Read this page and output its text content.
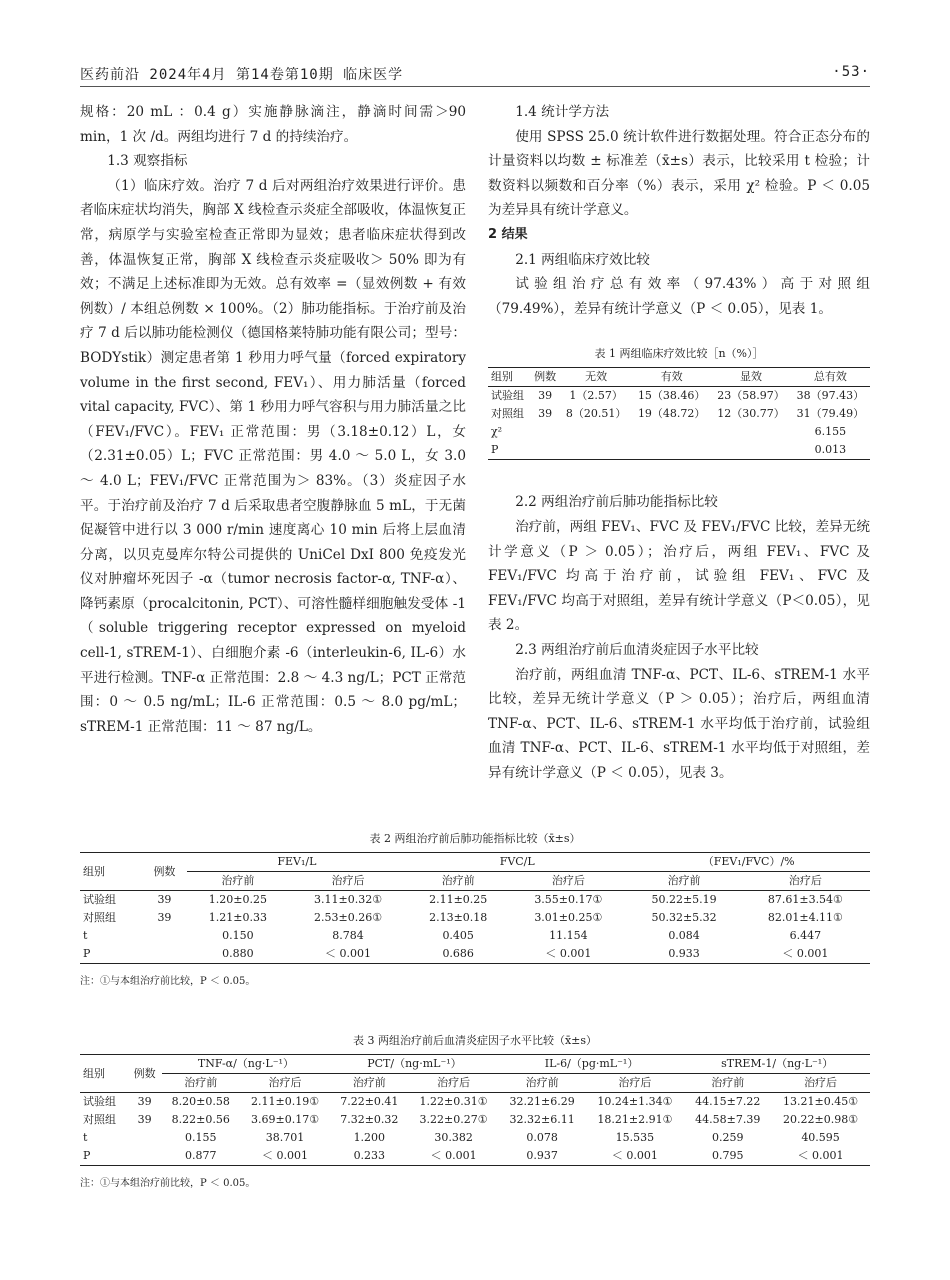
医药前沿 2024年4月 第14卷第10期 临床医学	·53·

规格：20 mL ：0.4 g）实施静脉滴注，静滴时间需＞90 min，1 次 /d。两组均进行 7 d 的持续治疗。

1.3 观察指标

（1）临床疗效。治疗 7 d 后对两组治疗效果进行评价。患者临床症状均消失，胸部 X 线检查示炎症全部吸收，体温恢复正常，病原学与实验室检查正常即为显效；患者临床症状得到改善，体温恢复正常，胸部 X 线检查示炎症吸收＞ 50% 即为有效；不满足上述标准即为无效。总有效率 =（显效例数 + 有效例数）/ 本组总例数 × 100%。（2）肺功能指标。于治疗前及治疗 7 d 后以肺功能检测仪（德国格莱特肺功能有限公司；型号：BODYstik）测定患者第 1 秒用力呼气量（forced expiratory volume in the first second, FEV₁）、用力肺活量（forced vital capacity, FVC）、第 1 秒用力呼气容积与用力肺活量之比（FEV₁/FVC）。FEV₁ 正常范围：男（3.18±0.12）L，女（2.31±0.05）L；FVC 正常范围：男 4.0 ～ 5.0 L，女 3.0 ～ 4.0 L；FEV₁/FVC 正常范围为＞ 83%。（3）炎症因子水平。于治疗前及治疗 7 d 后采取患者空腹静脉血 5 mL，于无菌促凝管中进行以 3 000 r/min 速度离心 10 min 后将上层血清分离，以贝克曼库尔特公司提供的 UniCel DxI 800 免疫发光仪对肿瘤坏死因子 -α（tumor necrosis factor-α, TNF-α）、降钙素原（procalcitonin, PCT）、可溶性髓样细胞触发受体 -1（soluble triggering receptor expressed on myeloid cell-1, sTREM-1）、白细胞介素 -6（interleukin-6, IL-6）水平进行检测。TNF-α 正常范围：2.8 ～ 4.3 ng/L；PCT 正常范围：0 ～ 0.5 ng/mL；IL-6 正常范围：0.5 ～ 8.0 pg/mL；sTREM-1 正常范围：11 ～ 87 ng/L。

1.4 统计学方法

使用 SPSS 25.0 统计软件进行数据处理。符合正态分布的计量资料以均数 ± 标准差（x̄±s）表示，比较采用 t 检验；计数资料以频数和百分率（%）表示，采用 χ² 检验。P ＜ 0.05 为差异具有统计学意义。

2 结果

2.1 两组临床疗效比较

试验组治疗总有效率（97.43%）高于对照组（79.49%），差异有统计学意义（P ＜ 0.05），见表 1。

表 1 两组临床疗效比较［n（%）］
组别	例数	无效	有效	显效	总有效
试验组	39	1（2.57）	15（38.46）	23（58.97）	38（97.43）
对照组	39	8（20.51）	19（48.72）	12（30.77）	31（79.49）
χ²					6.155
P					0.013

2.2 两组治疗前后肺功能指标比较

治疗前，两组 FEV₁、FVC 及 FEV₁/FVC 比较，差异无统计学意义（P ＞ 0.05）；治疗后，两组 FEV₁、FVC 及 FEV₁/FVC 均高于治疗前，试验组 FEV₁、FVC 及 FEV₁/FVC 均高于对照组，差异有统计学意义（P＜0.05），见表 2。

2.3 两组治疗前后血清炎症因子水平比较

治疗前，两组血清 TNF-α、PCT、IL-6、sTREM-1 水平比较，差异无统计学意义（P ＞ 0.05）；治疗后，两组血清 TNF-α、PCT、IL-6、sTREM-1 水平均低于治疗前，试验组血清 TNF-α、PCT、IL-6、sTREM-1 水平均低于对照组，差异有统计学意义（P ＜ 0.05），见表 3。

表 2 两组治疗前后肺功能指标比较（x̄±s）
组别	例数	FEV₁/L		FVC/L		（FEV₁/FVC）/%	
		治疗前	治疗后	治疗前	治疗后	治疗前	治疗后
试验组	39	1.20±0.25	3.11±0.32①	2.11±0.25	3.55±0.17①	50.22±5.19	87.61±3.54①
对照组	39	1.21±0.33	2.53±0.26①	2.13±0.18	3.01±0.25①	50.32±5.32	82.01±4.11①
t		0.150	8.784	0.405	11.154	0.084	6.447
P		0.880	＜ 0.001	0.686	＜ 0.001	0.933	＜ 0.001
注：①与本组治疗前比较，P ＜ 0.05。
表 3 两组治疗前后血清炎症因子水平比较（x̄±s）
组别	例数	TNF-α/（ng·L⁻¹）		PCT/（ng·mL⁻¹）		IL-6/（pg·mL⁻¹）		sTREM-1/（ng·L⁻¹）	
		治疗前	治疗后	治疗前	治疗后	治疗前	治疗后	治疗前	治疗后
试验组	39	8.20±0.58	2.11±0.19①	7.22±0.41	1.22±0.31①	32.21±6.29	10.24±1.34①	44.15±7.22	13.21±0.45①
对照组	39	8.22±0.56	3.69±0.17①	7.32±0.32	3.22±0.27①	32.32±6.11	18.21±2.91①	44.58±7.39	20.22±0.98①
t		0.155	38.701	1.200	30.382	0.078	15.535	0.259	40.595
P		0.877	＜ 0.001	0.233	＜ 0.001	0.937	＜ 0.001	0.795	＜ 0.001
注：①与本组治疗前比较，P ＜ 0.05。
